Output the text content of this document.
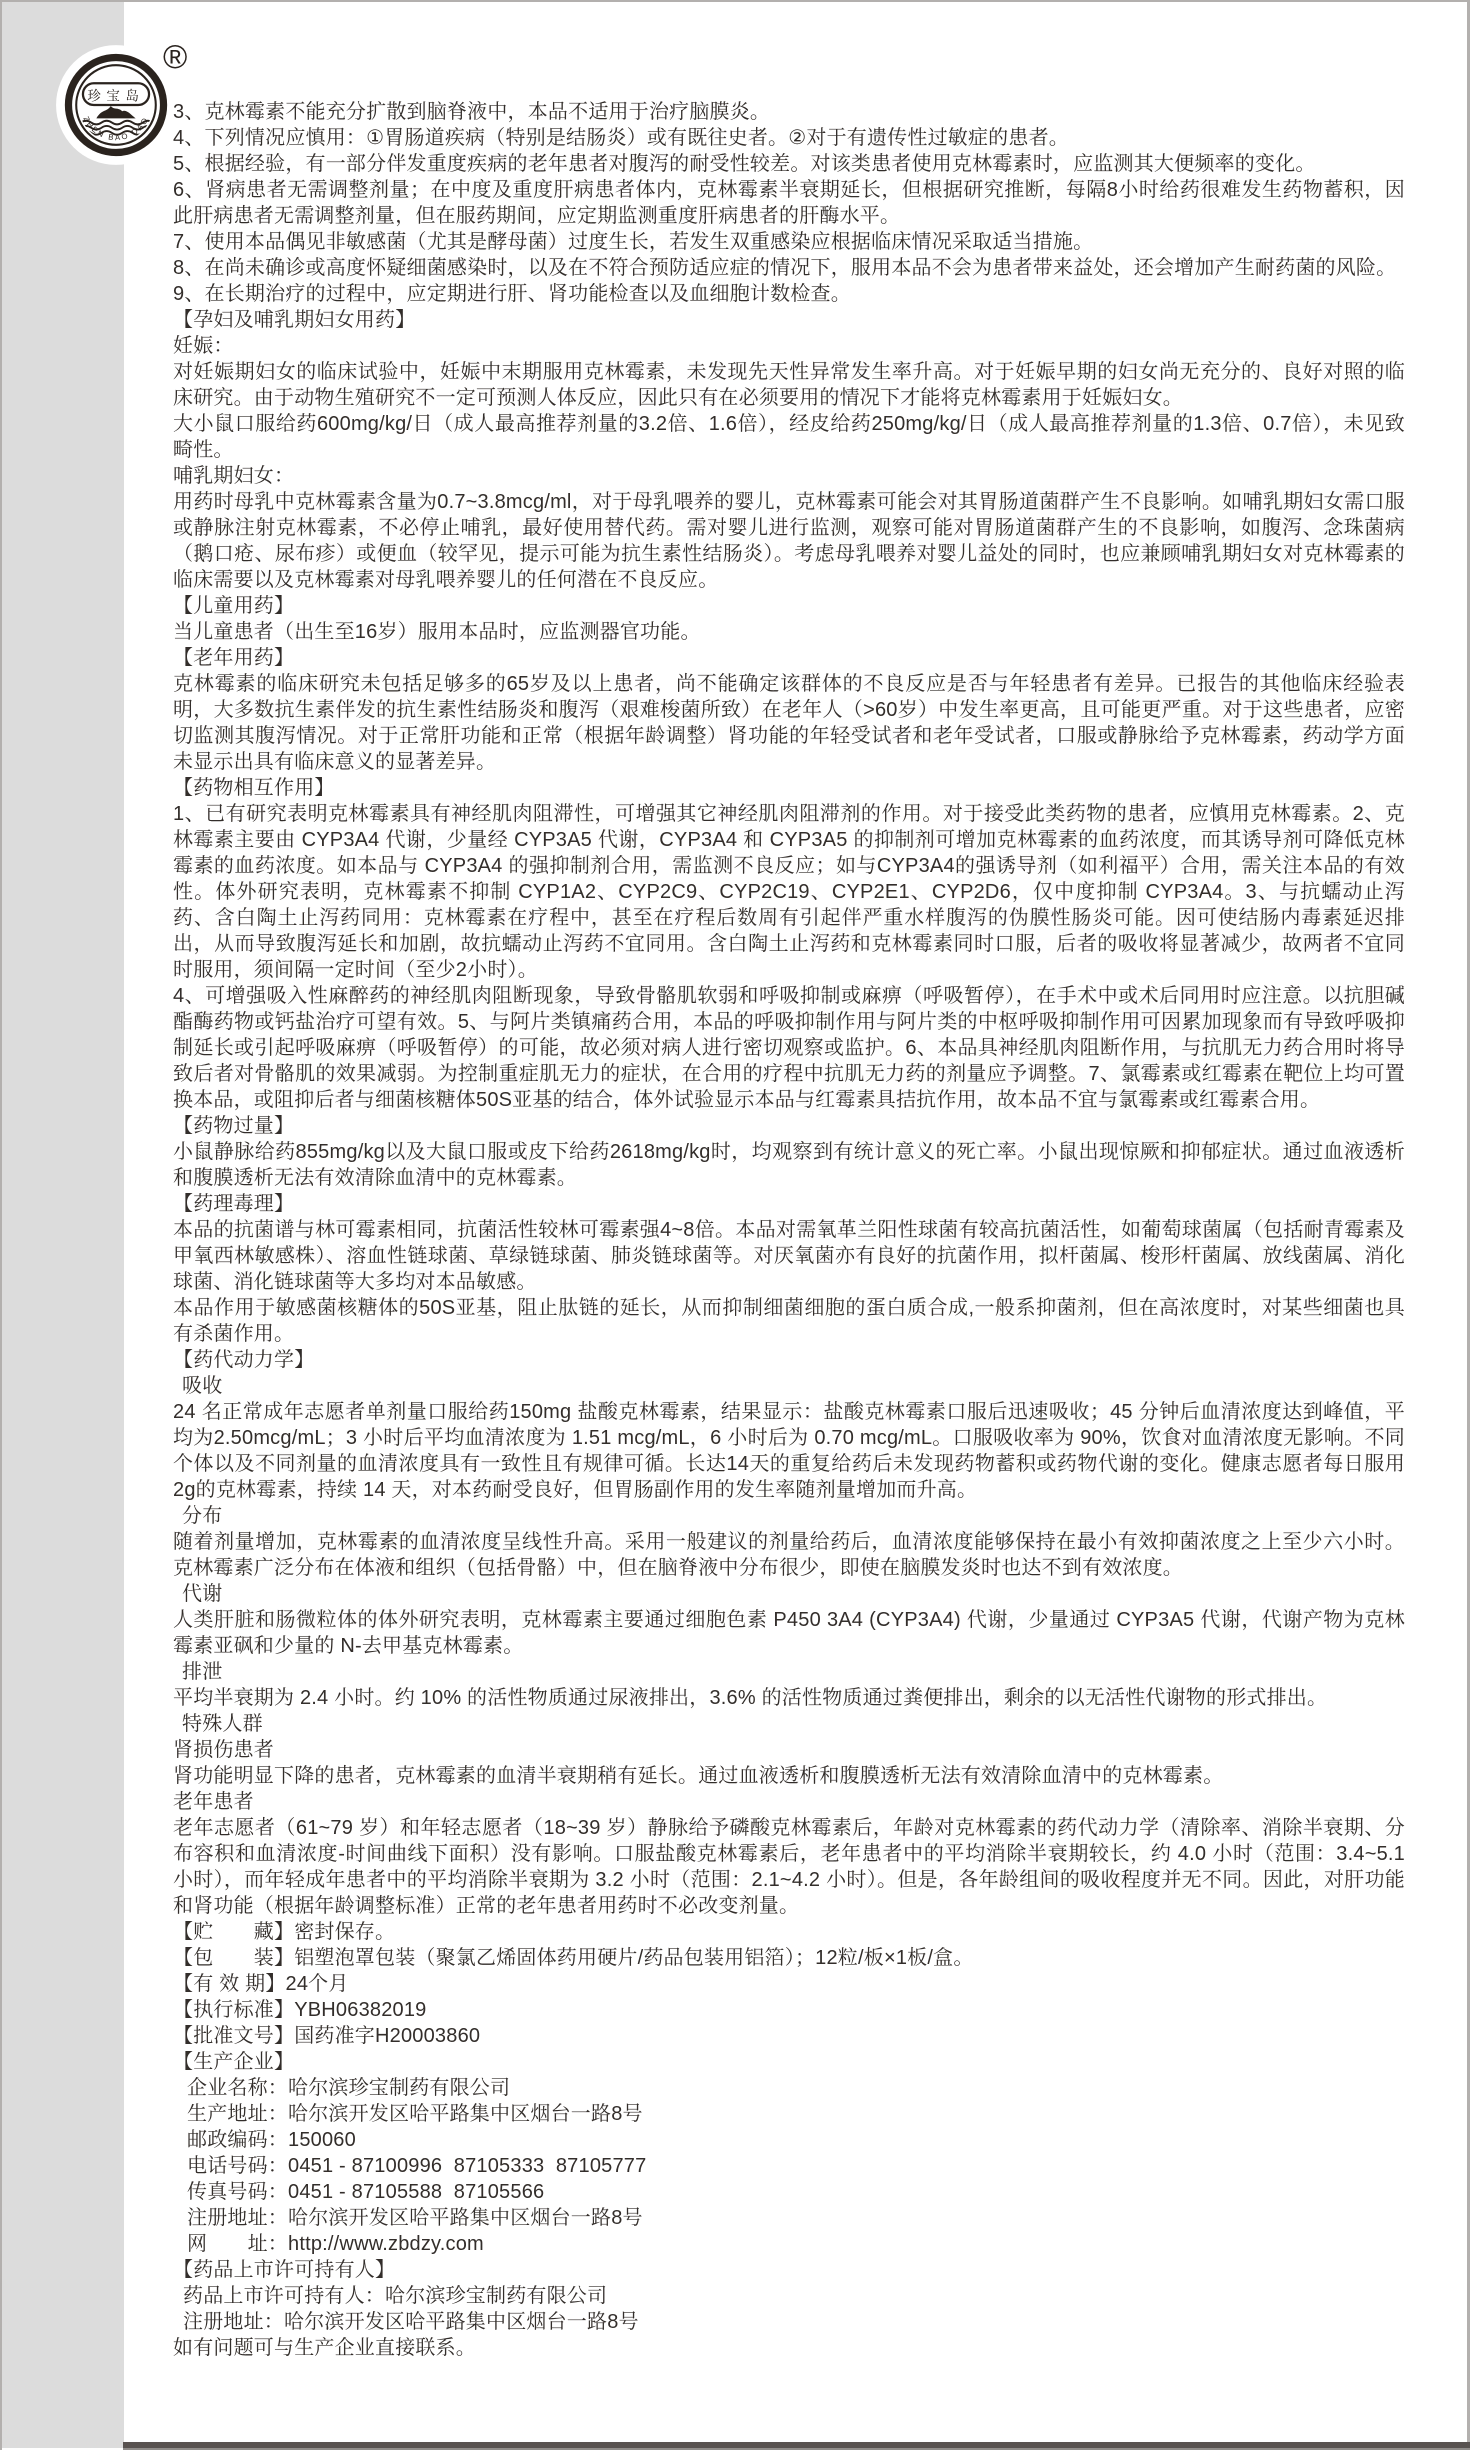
珍宝岛
ZHEN BAO DAO
®

3、克林霉素不能充分扩散到脑脊液中，本品不适用于治疗脑膜炎。

4、下列情况应慎用：①胃肠道疾病（特别是结肠炎）或有既往史者。②对于有遗传性过敏症的患者。

5、根据经验，有一部分伴发重度疾病的老年患者对腹泻的耐受性较差。对该类患者使用克林霉素时，应监测其大便频率的变化。

6、肾病患者无需调整剂量；在中度及重度肝病患者体内，克林霉素半衰期延长，但根据研究推断，每隔8小时给药很难发生药物蓄积，因此肝病患者无需调整剂量，但在服药期间，应定期监测重度肝病患者的肝酶水平。

7、使用本品偶见非敏感菌（尤其是酵母菌）过度生长，若发生双重感染应根据临床情况采取适当措施。

8、在尚未确诊或高度怀疑细菌感染时，以及在不符合预防适应症的情况下，服用本品不会为患者带来益处，还会增加产生耐药菌的风险。

9、在长期治疗的过程中，应定期进行肝、肾功能检查以及血细胞计数检查。

【孕妇及哺乳期妇女用药】

妊娠：

对妊娠期妇女的临床试验中，妊娠中末期服用克林霉素，未发现先天性异常发生率升高。对于妊娠早期的妇女尚无充分的、良好对照的临床研究。由于动物生殖研究不一定可预测人体反应，因此只有在必须要用的情况下才能将克林霉素用于妊娠妇女。

大小鼠口服给药600mg/kg/日（成人最高推荐剂量的3.2倍、1.6倍），经皮给药250mg/kg/日（成人最高推荐剂量的1.3倍、0.7倍），未见致畸性。

哺乳期妇女：

用药时母乳中克林霉素含量为0.7~3.8mcg/ml，对于母乳喂养的婴儿，克林霉素可能会对其胃肠道菌群产生不良影响。如哺乳期妇女需口服或静脉注射克林霉素，不必停止哺乳，最好使用替代药。需对婴儿进行监测，观察可能对胃肠道菌群产生的不良影响，如腹泻、念珠菌病（鹅口疮、尿布疹）或便血（较罕见，提示可能为抗生素性结肠炎）。考虑母乳喂养对婴儿益处的同时，也应兼顾哺乳期妇女对克林霉素的临床需要以及克林霉素对母乳喂养婴儿的任何潜在不良反应。

【儿童用药】

当儿童患者（出生至16岁）服用本品时，应监测器官功能。

【老年用药】

克林霉素的临床研究未包括足够多的65岁及以上患者，尚不能确定该群体的不良反应是否与年轻患者有差异。已报告的其他临床经验表明，大多数抗生素伴发的抗生素性结肠炎和腹泻（艰难梭菌所致）在老年人（>60岁）中发生率更高，且可能更严重。对于这些患者，应密切监测其腹泻情况。对于正常肝功能和正常（根据年龄调整）肾功能的年轻受试者和老年受试者，口服或静脉给予克林霉素，药动学方面未显示出具有临床意义的显著差异。

【药物相互作用】

1、已有研究表明克林霉素具有神经肌肉阻滞性，可增强其它神经肌肉阻滞剂的作用。对于接受此类药物的患者，应慎用克林霉素。2、克林霉素主要由 CYP3A4 代谢，少量经 CYP3A5 代谢，CYP3A4 和 CYP3A5 的抑制剂可增加克林霉素的血药浓度，而其诱导剂可降低克林霉素的血药浓度。如本品与 CYP3A4 的强抑制剂合用，需监测不良反应；如与CYP3A4的强诱导剂（如利福平）合用，需关注本品的有效性。体外研究表明，克林霉素不抑制 CYP1A2、CYP2C9、CYP2C19、CYP2E1、CYP2D6，仅中度抑制 CYP3A4。3、与抗蠕动止泻药、含白陶土止泻药同用：克林霉素在疗程中，甚至在疗程后数周有引起伴严重水样腹泻的伪膜性肠炎可能。因可使结肠内毒素延迟排出，从而导致腹泻延长和加剧，故抗蠕动止泻药不宜同用。含白陶土止泻药和克林霉素同时口服，后者的吸收将显著减少，故两者不宜同时服用，须间隔一定时间（至少2小时）。

4、可增强吸入性麻醉药的神经肌肉阻断现象，导致骨骼肌软弱和呼吸抑制或麻痹（呼吸暂停），在手术中或术后同用时应注意。以抗胆碱酯酶药物或钙盐治疗可望有效。5、与阿片类镇痛药合用，本品的呼吸抑制作用与阿片类的中枢呼吸抑制作用可因累加现象而有导致呼吸抑制延长或引起呼吸麻痹（呼吸暂停）的可能，故必须对病人进行密切观察或监护。6、本品具神经肌肉阻断作用，与抗肌无力药合用时将导致后者对骨骼肌的效果减弱。为控制重症肌无力的症状，在合用的疗程中抗肌无力药的剂量应予调整。7、氯霉素或红霉素在靶位上均可置换本品，或阻抑后者与细菌核糖体50S亚基的结合，体外试验显示本品与红霉素具拮抗作用，故本品不宜与氯霉素或红霉素合用。

【药物过量】

小鼠静脉给药855mg/kg以及大鼠口服或皮下给药2618mg/kg时，均观察到有统计意义的死亡率。小鼠出现惊厥和抑郁症状。通过血液透析和腹膜透析无法有效清除血清中的克林霉素。

【药理毒理】

本品的抗菌谱与林可霉素相同，抗菌活性较林可霉素强4~8倍。本品对需氧革兰阳性球菌有较高抗菌活性，如葡萄球菌属（包括耐青霉素及甲氧西林敏感株）、溶血性链球菌、草绿链球菌、肺炎链球菌等。对厌氧菌亦有良好的抗菌作用，拟杆菌属、梭形杆菌属、放线菌属、消化球菌、消化链球菌等大多均对本品敏感。

本品作用于敏感菌核糖体的50S亚基，阻止肽链的延长，从而抑制细菌细胞的蛋白质合成,一般系抑菌剂，但在高浓度时，对某些细菌也具有杀菌作用。

【药代动力学】

吸收

24 名正常成年志愿者单剂量口服给药150mg 盐酸克林霉素，结果显示：盐酸克林霉素口服后迅速吸收；45 分钟后血清浓度达到峰值，平均为2.50mcg/mL；3 小时后平均血清浓度为 1.51 mcg/mL，6 小时后为 0.70 mcg/mL。口服吸收率为 90%，饮食对血清浓度无影响。不同个体以及不同剂量的血清浓度具有一致性且有规律可循。长达14天的重复给药后未发现药物蓄积或药物代谢的变化。健康志愿者每日服用2g的克林霉素，持续 14 天，对本药耐受良好，但胃肠副作用的发生率随剂量增加而升高。

分布

随着剂量增加，克林霉素的血清浓度呈线性升高。采用一般建议的剂量给药后，血清浓度能够保持在最小有效抑菌浓度之上至少六小时。克林霉素广泛分布在体液和组织（包括骨骼）中，但在脑脊液中分布很少，即使在脑膜发炎时也达不到有效浓度。

代谢

人类肝脏和肠微粒体的体外研究表明，克林霉素主要通过细胞色素 P450 3A4 (CYP3A4) 代谢，少量通过 CYP3A5 代谢，代谢产物为克林霉素亚砜和少量的 N-去甲基克林霉素。

排泄

平均半衰期为 2.4 小时。约 10% 的活性物质通过尿液排出，3.6% 的活性物质通过粪便排出，剩余的以无活性代谢物的形式排出。

特殊人群

肾损伤患者

肾功能明显下降的患者，克林霉素的血清半衰期稍有延长。通过血液透析和腹膜透析无法有效清除血清中的克林霉素。

老年患者

老年志愿者（61~79 岁）和年轻志愿者（18~39 岁）静脉给予磷酸克林霉素后，年龄对克林霉素的药代动力学（清除率、消除半衰期、分布容积和血清浓度-时间曲线下面积）没有影响。口服盐酸克林霉素后，老年患者中的平均消除半衰期较长，约 4.0 小时（范围：3.4~5.1 小时），而年轻成年患者中的平均消除半衰期为 3.2 小时（范围：2.1~4.2 小时）。但是，各年龄组间的吸收程度并无不同。因此，对肝功能和肾功能（根据年龄调整标准）正常的老年患者用药时不必改变剂量。

【贮　　藏】密封保存。

【包　　装】铝塑泡罩包装（聚氯乙烯固体药用硬片/药品包装用铝箔）；12粒/板×1板/盒。

【有 效 期】24个月

【执行标准】YBH06382019

【批准文号】国药准字H20003860

【生产企业】

企业名称：哈尔滨珍宝制药有限公司

生产地址：哈尔滨开发区哈平路集中区烟台一路8号

邮政编码：150060

电话号码：0451 - 87100996  87105333  87105777

传真号码：0451 - 87105588  87105566

注册地址：哈尔滨开发区哈平路集中区烟台一路8号

网　　址：http://www.zbdzy.com

【药品上市许可持有人】

药品上市许可持有人：哈尔滨珍宝制药有限公司

注册地址：哈尔滨开发区哈平路集中区烟台一路8号

如有问题可与生产企业直接联系。
